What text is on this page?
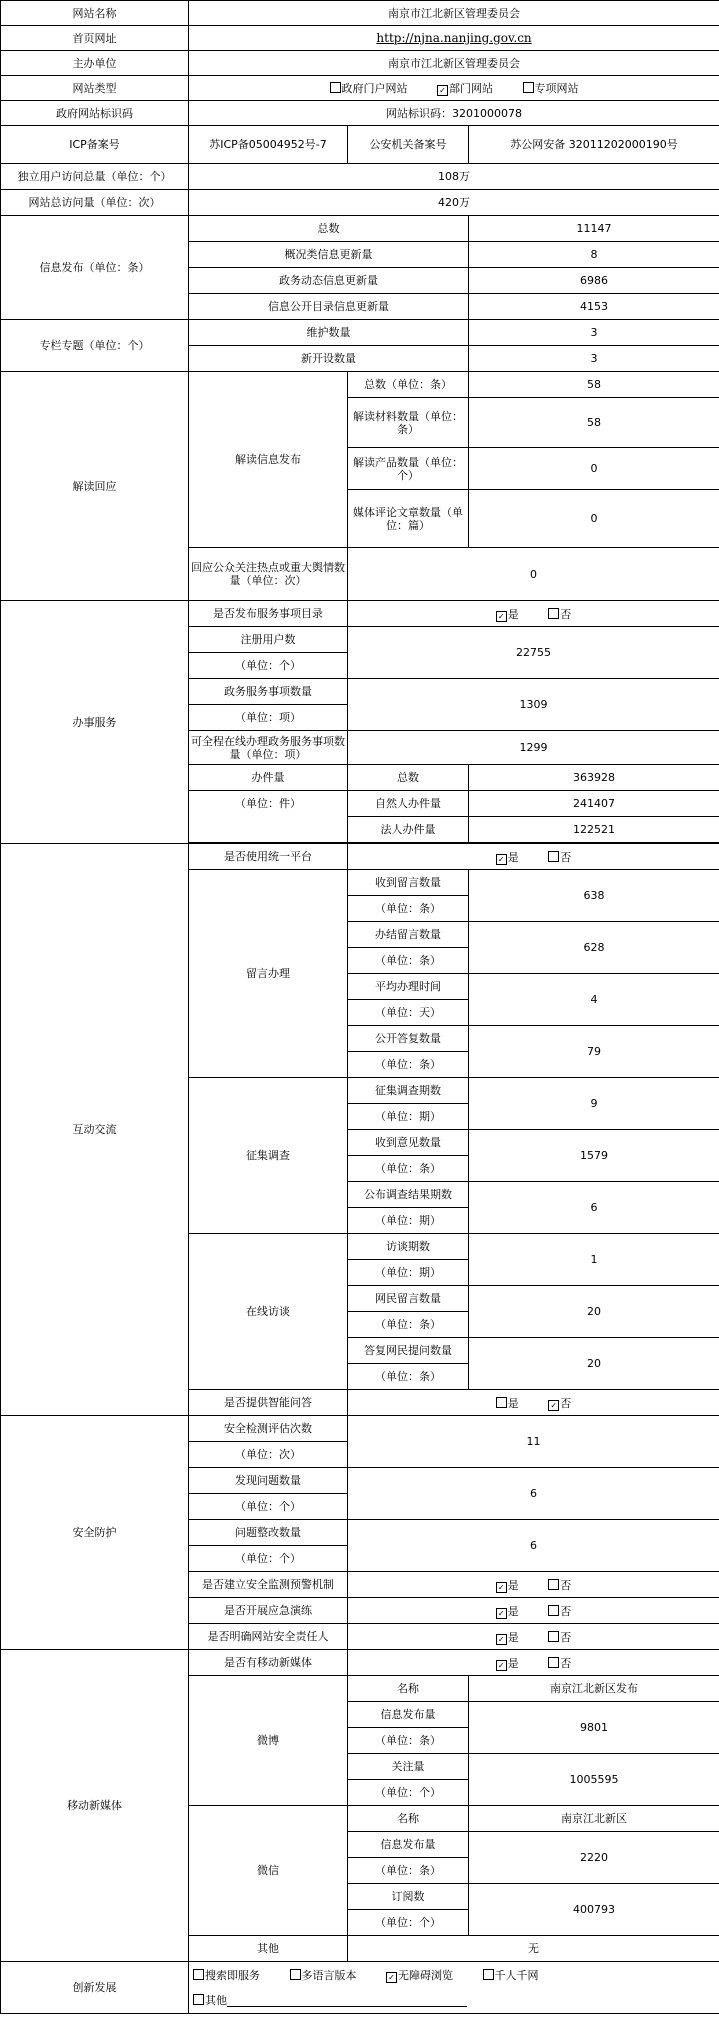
网站名称	南京市江北新区管理委员会		
首页网址	http://njna.nanjing.gov.cn		
主办单位	南京市江北新区管理委员会		
网站类型	政府门户网站 ✓ 部门网站 专项网站		
政府网站标识码	网站标识码：3201000078		
ICP备案号	苏ICP备05004952号-7	公安机关备案号	苏公网安备 32011202000190号
独立用户访问总量（单位：个）	108万		
网站总访问量（单位：次）	420万		
信息发布（单位：条）	总数		11147
	概况类信息更新量		8
	政务动态信息更新量		6986
	信息公开目录信息更新量		4153
专栏专题（单位：个）	维护数量		3
	新开设数量		3
解读回应	解读信息发布	总数（单位：条）	58
		解读材料数量（单位：条）	58
		解读产品数量（单位：个）	0
		媒体评论文章数量（单位：篇）	0
	回应公众关注热点或重大舆情数量（单位：次）	0	
办事服务	是否发布服务事项目录	✓ 是 否	
	注册用户数	22755	
	（单位：个）		
	政务服务事项数量	1309	
	（单位：项）		
	可全程在线办理政务服务事项数量（单位：项）	1299	
	办件量	总数	363928
	（单位：件）	自然人办件量	241407
		法人办件量	122521

互动交流	是否使用统一平台	✓ 是 否	
	留言办理	收到留言数量	638
		（单位：条）	
		办结留言数量	628
		（单位：条）	
		平均办理时间	4
		（单位：天）	
		公开答复数量	79
		（单位：条）	
	征集调查	征集调查期数	9
		（单位：期）	
		收到意见数量	1579
		（单位：条）	
		公布调查结果期数	6
		（单位：期）	
	在线访谈	访谈期数	1
		（单位：期）	
		网民留言数量	20
		（单位：条）	
		答复网民提问数量	20
		（单位：条）	
	是否提供智能问答	是 ✓ 否	
安全防护	安全检测评估次数	11	
	（单位：次）		
	发现问题数量	6	
	（单位：个）		
	问题整改数量	6	
	（单位：个）		
	是否建立安全监测预警机制	✓ 是 否	
	是否开展应急演练	✓ 是 否	
	是否明确网站安全责任人	✓ 是 否	
移动新媒体	是否有移动新媒体	✓ 是 否	
	微博	名称	南京江北新区发布
		信息发布量	9801
		（单位：条）	
		关注量	1005595
		（单位：个）	
	微信	名称	南京江北新区
		信息发布量	2220
		（单位：条）	
		订阅数	400793
		（单位：个）	
	其他	无	
创新发展	搜索即服务 多语言版本 ✓ 无障碍浏览 千人千网		
	其他		
